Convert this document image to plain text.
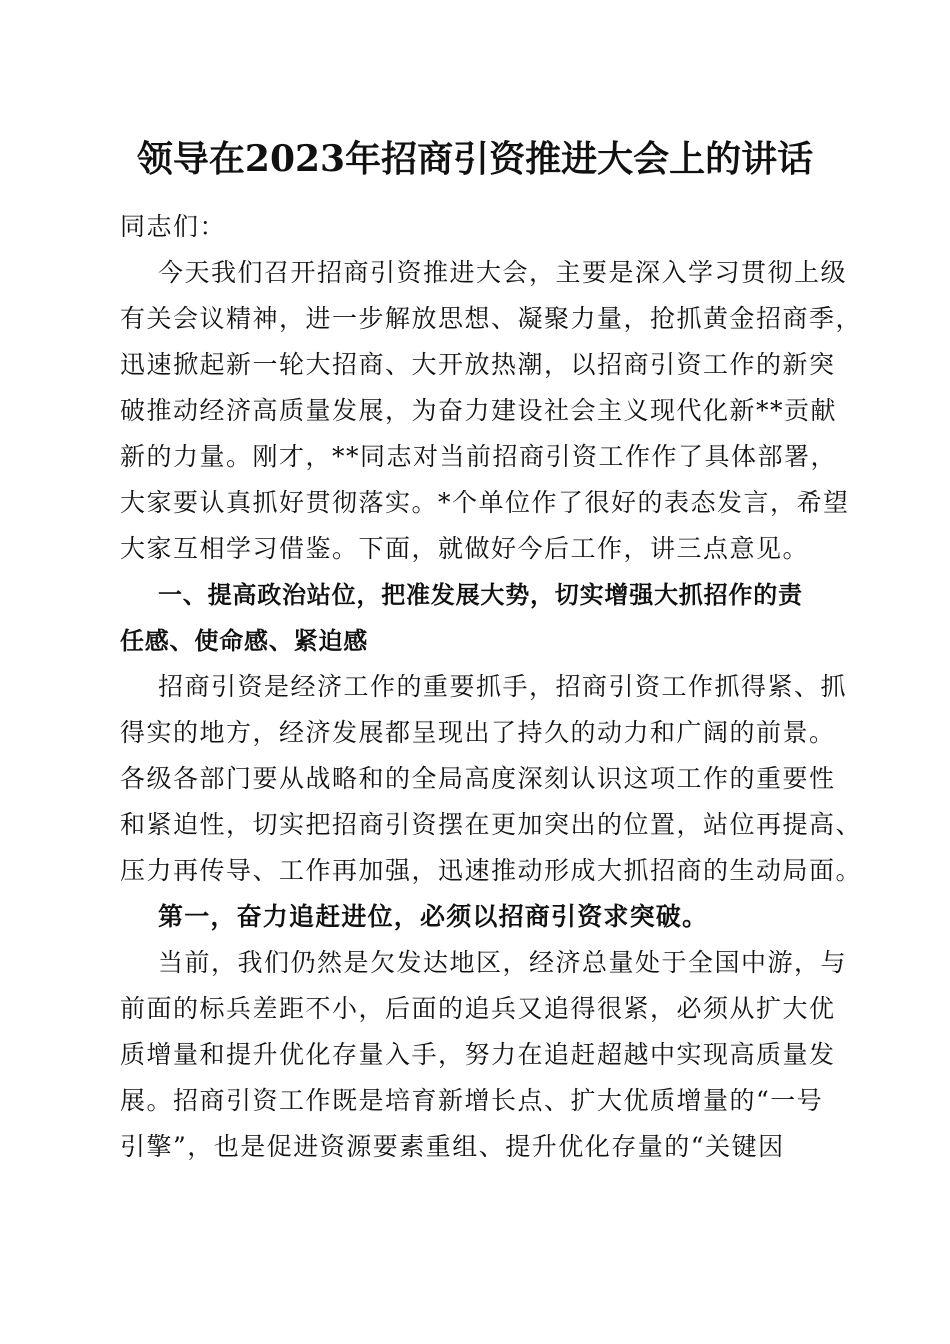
领导在2023年招商引资推进大会上的讲话
同志们：
今天我们召开招商引资推进大会，主要是深入学习贯彻上级
有关会议精神，进一步解放思想、凝聚力量，抢抓黄金招商季，
迅速掀起新一轮大招商、大开放热潮，以招商引资工作的新突
破推动经济高质量发展，为奋力建设社会主义现代化新**贡献
新的力量。刚才，**同志对当前招商引资工作作了具体部署，
大家要认真抓好贯彻落实。*个单位作了很好的表态发言，希望
大家互相学习借鉴。下面，就做好今后工作，讲三点意见。
一、提高政治站位，把准发展大势，切实增强大抓招作的责
任感、使命感、紧迫感
招商引资是经济工作的重要抓手，招商引资工作抓得紧、抓
得实的地方，经济发展都呈现出了持久的动力和广阔的前景。
各级各部门要从战略和的全局高度深刻认识这项工作的重要性
和紧迫性，切实把招商引资摆在更加突出的位置，站位再提高、
压力再传导、工作再加强，迅速推动形成大抓招商的生动局面。
第一，奋力追赶进位，必须以招商引资求突破。
当前，我们仍然是欠发达地区，经济总量处于全国中游，与
前面的标兵差距不小，后面的追兵又追得很紧，必须从扩大优
质增量和提升优化存量入手，努力在追赶超越中实现高质量发
展。招商引资工作既是培育新增长点、扩大优质增量的“一号
引擎”，也是促进资源要素重组、提升优化存量的“关键因
